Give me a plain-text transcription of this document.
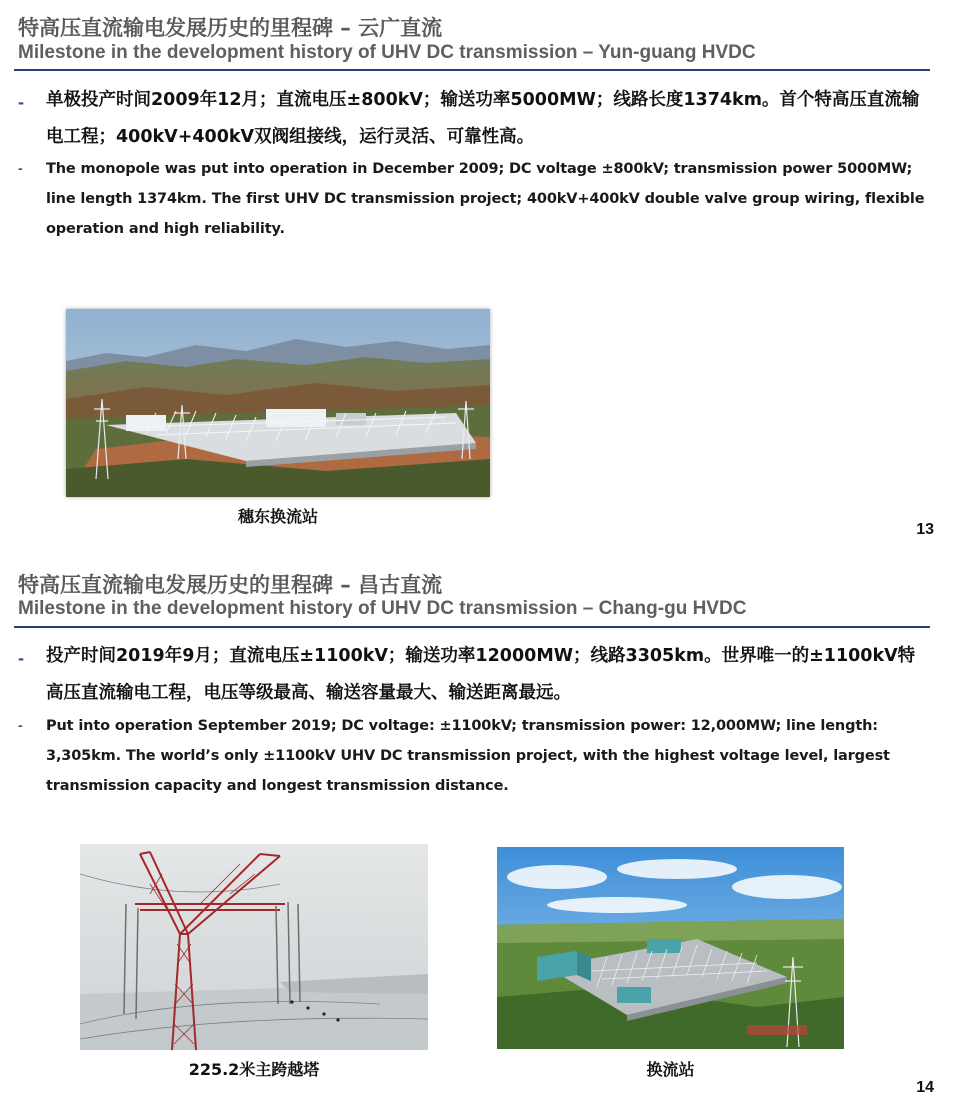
特高压直流输电发展历史的里程碑 – 云广直流
Milestone in the development history of UHV DC transmission – Yun-guang HVDC
- 单极投产时间2009年12月；直流电压±800kV；输送功率5000MW；线路长度1374km。首个特高压直流输电工程；400kV+400kV双阀组接线，运行灵活、可靠性高。
- The monopole was put into operation in December 2009; DC voltage ±800kV; transmission power 5000MW; line length 1374km. The first UHV DC transmission project; 400kV+400kV double valve group wiring, flexible operation and high reliability.
穗东换流站
13
特高压直流输电发展历史的里程碑 – 昌古直流
Milestone in the development history of UHV DC transmission – Chang-gu HVDC
- 投产时间2019年9月；直流电压±1100kV；输送功率12000MW；线路3305km。世界唯一的±1100kV特高压直流输电工程，电压等级最高、输送容量最大、输送距离最远。
- Put into operation September 2019; DC voltage: ±1100kV; transmission power: 12,000MW; line length: 3,305km. The world’s only ±1100kV UHV DC transmission project, with the highest voltage level, largest transmission capacity and longest transmission distance.
225.2米主跨越塔	换流站
14
